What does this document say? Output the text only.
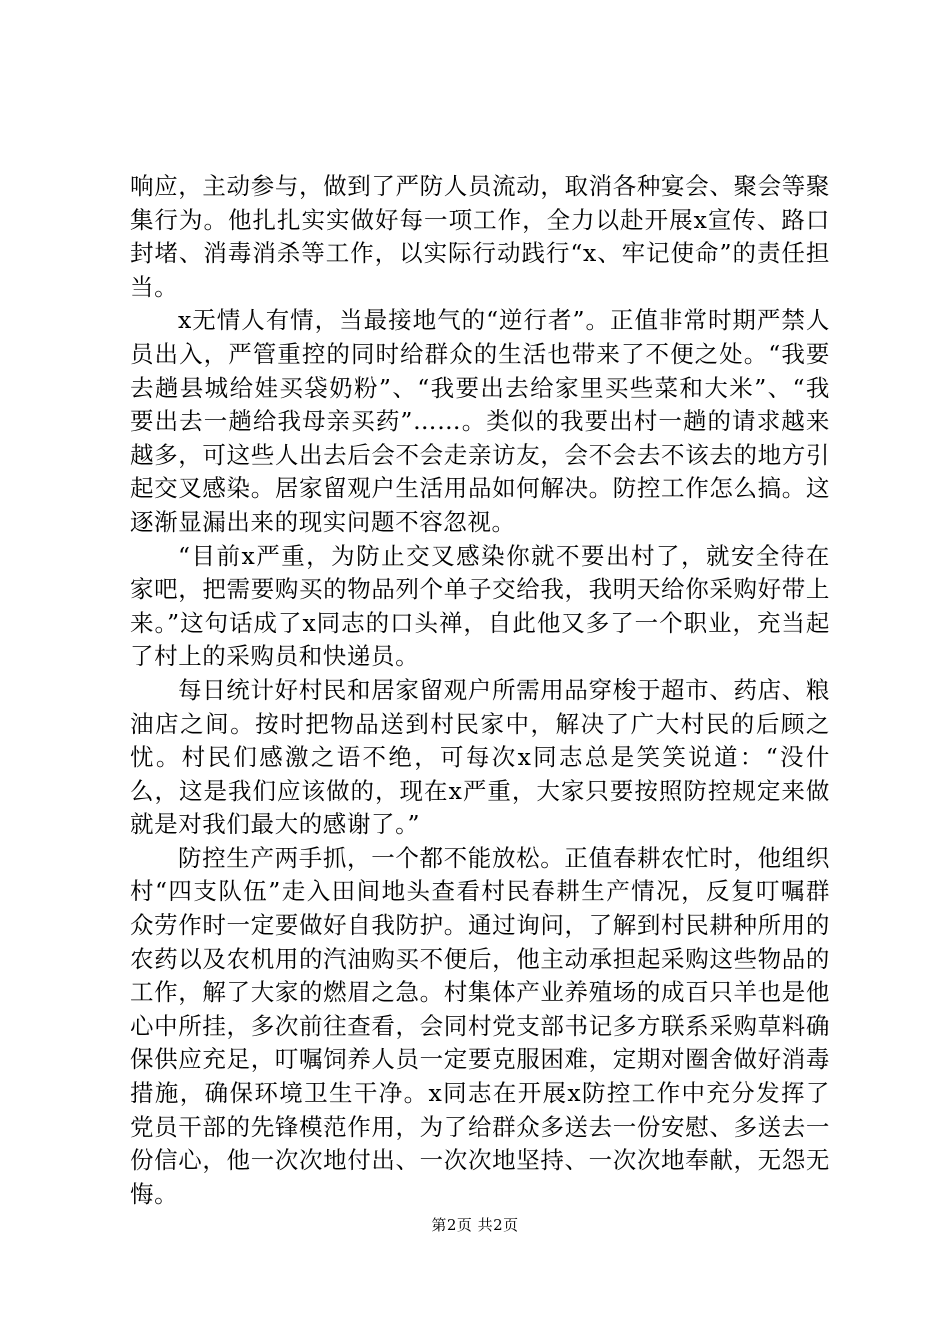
响应，主动参与，做到了严防人员流动，取消各种宴会、聚会等聚集行为。他扎扎实实做好每一项工作，全力以赴开展x宣传、路口封堵、消毒消杀等工作，以实际行动践行“x、牢记使命”的责任担当。

x无情人有情，当最接地气的“逆行者”。正值非常时期严禁人员出入，严管重控的同时给群众的生活也带来了不便之处。“我要去趟县城给娃买袋奶粉”、“我要出去给家里买些菜和大米”、“我要出去一趟给我母亲买药”……。类似的我要出村一趟的请求越来越多，可这些人出去后会不会走亲访友，会不会去不该去的地方引起交叉感染。居家留观户生活用品如何解决。防控工作怎么搞。这逐渐显漏出来的现实问题不容忽视。

“目前x严重，为防止交叉感染你就不要出村了，就安全待在家吧，把需要购买的物品列个单子交给我，我明天给你采购好带上来。”这句话成了x同志的口头禅，自此他又多了一个职业，充当起了村上的采购员和快递员。

每日统计好村民和居家留观户所需用品穿梭于超市、药店、粮油店之间。按时把物品送到村民家中，解决了广大村民的后顾之忧。村民们感激之语不绝，可每次x同志总是笑笑说道：“没什么，这是我们应该做的，现在x严重，大家只要按照防控规定来做就是对我们最大的感谢了。”

防控生产两手抓，一个都不能放松。正值春耕农忙时，他组织村“四支队伍”走入田间地头查看村民春耕生产情况，反复叮嘱群众劳作时一定要做好自我防护。通过询问，了解到村民耕种所用的农药以及农机用的汽油购买不便后，他主动承担起采购这些物品的工作，解了大家的燃眉之急。村集体产业养殖场的成百只羊也是他心中所挂，多次前往查看，会同村党支部书记多方联系采购草料确保供应充足，叮嘱饲养人员一定要克服困难，定期对圈舍做好消毒措施，确保环境卫生干净。x同志在开展x防控工作中充分发挥了党员干部的先锋模范作用，为了给群众多送去一份安慰、多送去一份信心，他一次次地付出、一次次地坚持、一次次地奉献，无怨无悔。

第2页 共2页
